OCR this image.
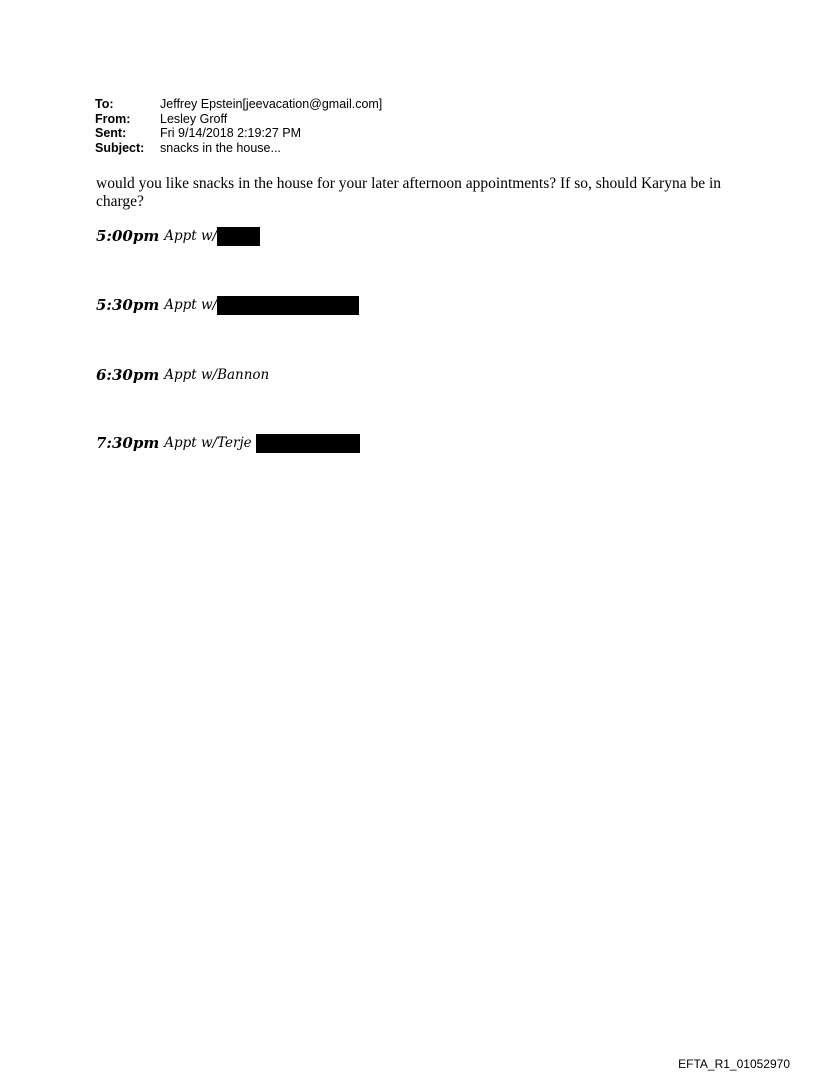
To:	Jeffrey Epstein[jeevacation@gmail.com]
From:	Lesley Groff
Sent:	Fri 9/14/2018 2:19:27 PM
Subject:	snacks in the house...
would you like snacks in the house for your later afternoon appointments? If so, should Karyna be in charge?
5:00pm Appt w/
5:30pm Appt w/
6:30pm Appt w/Bannon
7:30pm Appt w/Terje
EFTA_R1_01052970
